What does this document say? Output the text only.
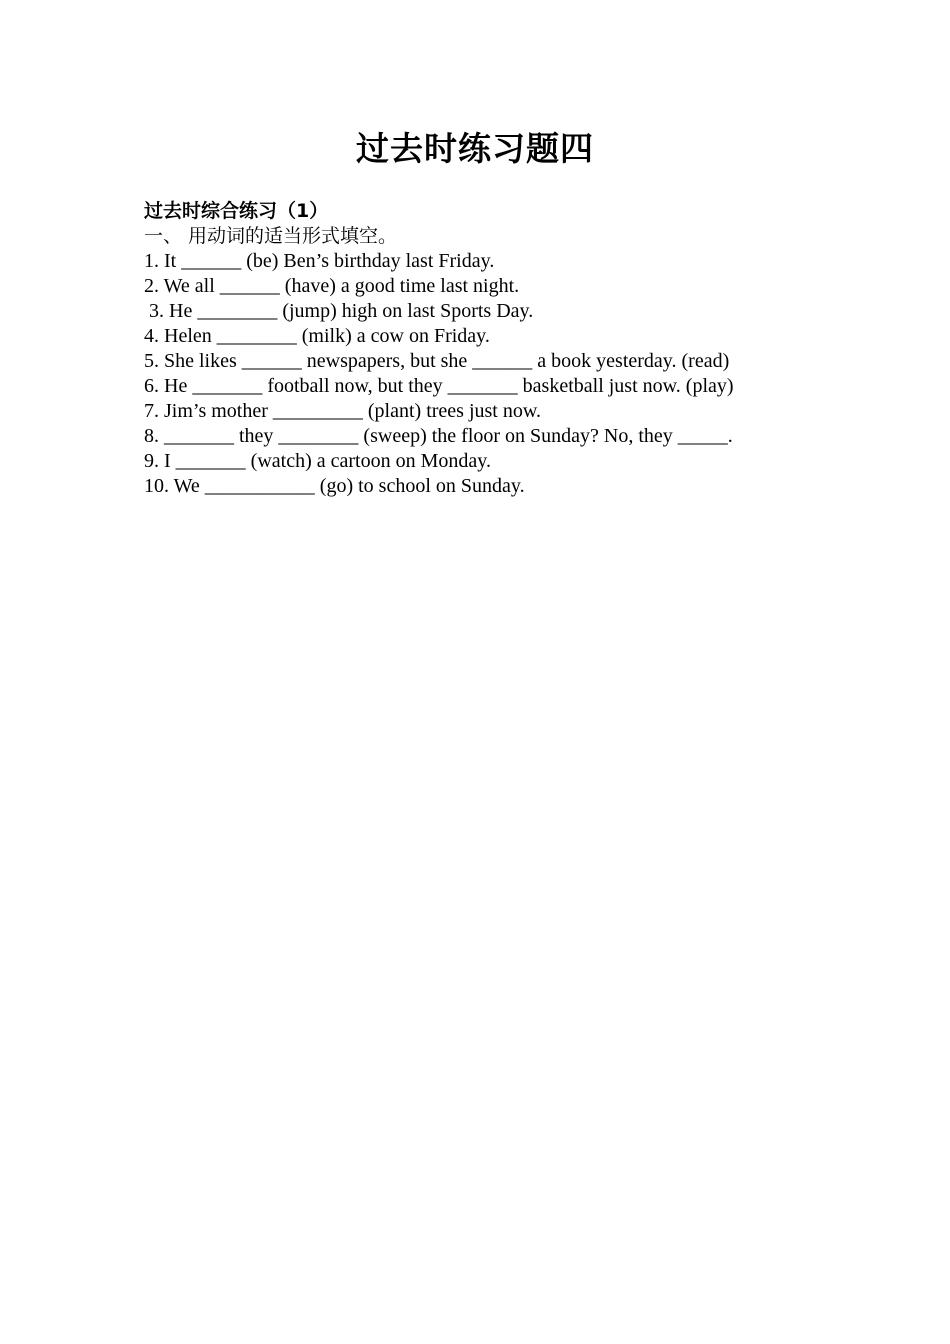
过去时练习题四
过去时综合练习（1）
一、 用动词的适当形式填空。
1. It ______ (be) Ben’s birthday last Friday.
2. We all ______ (have) a good time last night.
3. He ________ (jump) high on last Sports Day.
4. Helen ________ (milk) a cow on Friday.
5. She likes ______ newspapers, but she ______ a book yesterday. (read)
6. He _______ football now, but they _______ basketball just now. (play)
7. Jim’s mother _________ (plant) trees just now.
8. _______ they ________ (sweep) the floor on Sunday? No, they _____.
9. I _______ (watch) a cartoon on Monday.
10. We ___________ (go) to school on Sunday.
